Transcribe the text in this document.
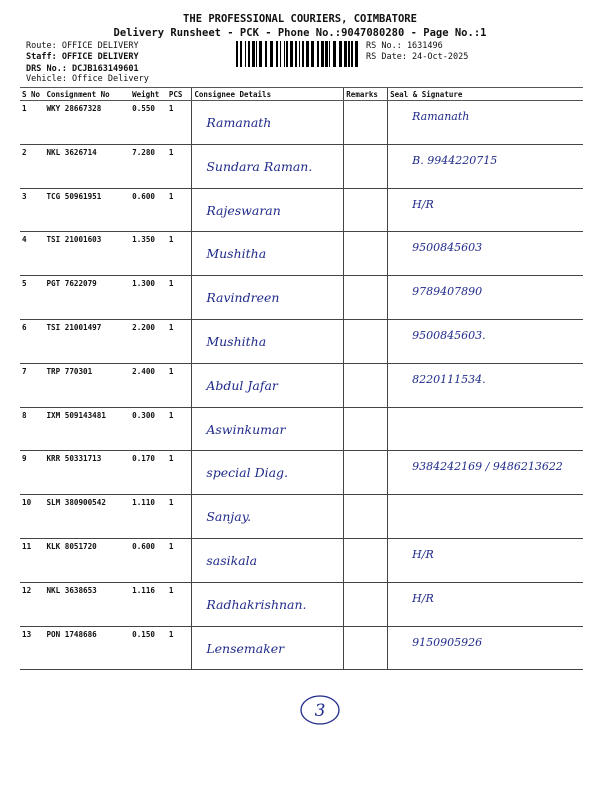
THE PROFESSIONAL COURIERS, COIMBATORE
Delivery Runsheet - PCK - Phone No.:9047080280 - Page No.:1
Route: OFFICE DELIVERY
Staff: OFFICE DELIVERY
DRS No.: DCJB163149601
Vehicle: Office Delivery
RS No.: 1631496
RS Date: 24-Oct-2025
S No	Consignment No	Weight	PCS	Consignee Details	Remarks	Seal & Signature
1	WKY 28667328	0.550	1	Ramanath		Ramanath
2	NKL 3626714	7.280	1	Sundara Raman.		B. 9944220715
3	TCG 50961951	0.600	1	Rajeswaran		H/R
4	TSI 21001603	1.350	1	Mushitha		9500845603
5	PGT 7622079	1.300	1	Ravindreen		9789407890
6	TSI 21001497	2.200	1	Mushitha		9500845603.
7	TRP 770301	2.400	1	Abdul Jafar		8220111534.
8	IXM 509143481	0.300	1	Aswinkumar		
9	KRR 50331713	0.170	1	special Diag.		9384242169 / 9486213622
10	SLM 380900542	1.110	1	Sanjay.		
11	KLK 8051720	0.600	1	sasikala		H/R
12	NKL 3638653	1.116	1	Radhakrishnan.		H/R
13	PON 1748686	0.150	1	Lensemaker		9150905926
3
